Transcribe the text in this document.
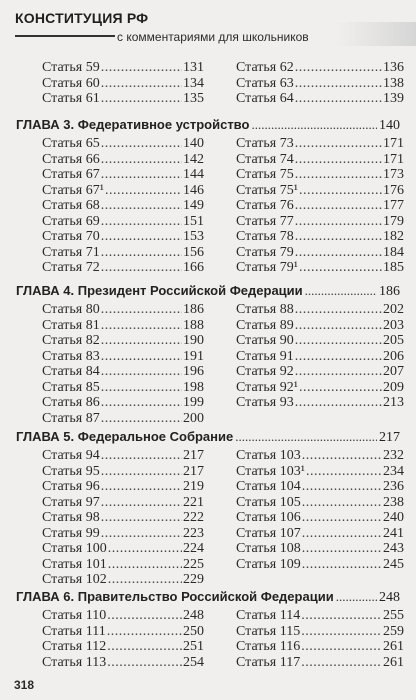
КОНСТИТУЦИЯ РФ
с комментариями для школьников
Статья 59 .....	131
Статья 60 .....	134
Статья 61 .....	135
Статья 62 .....	136
Статья 63 .....	138
Статья 64 .....	139
ГЛАВА 3. Федеративное устройство .....	140
Статья 65 .....	140
Статья 66 .....	142
Статья 67 .....	144
Статья 67¹ .....	146
Статья 68 .....	149
Статья 69 .....	151
Статья 70 .....	153
Статья 71 .....	156
Статья 72 .....	166
Статья 73 .....	171
Статья 74 .....	171
Статья 75 .....	173
Статья 75¹ .....	176
Статья 76 .....	177
Статья 77 .....	179
Статья 78 .....	182
Статья 79 .....	184
Статья 79¹ .....	185
ГЛАВА 4. Президент Российской Федерации .....	186
Статья 80 .....	186
Статья 81 .....	188
Статья 82 .....	190
Статья 83 .....	191
Статья 84 .....	196
Статья 85 .....	198
Статья 86 .....	199
Статья 87 .....	200
Статья 88 .....	202
Статья 89 .....	203
Статья 90 .....	205
Статья 91 .....	206
Статья 92 .....	207
Статья 92¹ .....	209
Статья 93 .....	213
ГЛАВА 5. Федеральное Собрание .....	217
Статья 94 .....	217
Статья 95 .....	217
Статья 96 .....	219
Статья 97 .....	221
Статья 98 .....	222
Статья 99 .....	223
Статья 100 .....	224
Статья 101 .....	225
Статья 102 .....	229
Статья 103 .....	232
Статья 103¹ .....	234
Статья 104 .....	236
Статья 105 .....	238
Статья 106 .....	240
Статья 107 .....	241
Статья 108 .....	243
Статья 109 .....	245
ГЛАВА 6. Правительство Российской Федерации .....	248
Статья 110 .....	248
Статья 111 .....	250
Статья 112 .....	251
Статья 113 .....	254
Статья 114 .....	255
Статья 115 .....	259
Статья 116 .....	261
Статья 117 .....	261
318
